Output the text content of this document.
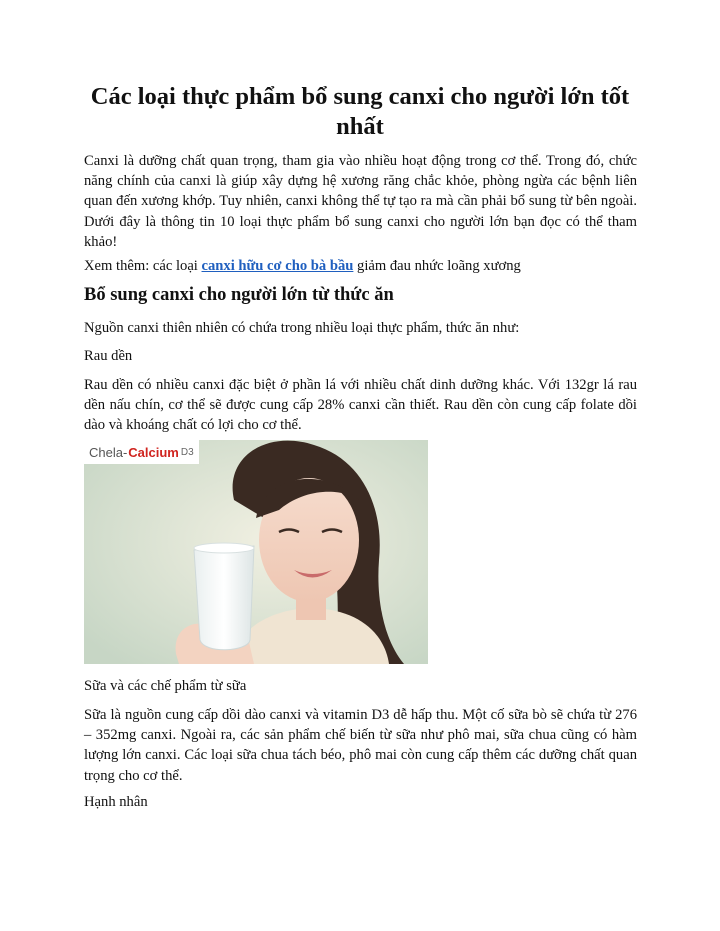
Các loại thực phẩm bổ sung canxi cho người lớn tốt nhất

Canxi là dưỡng chất quan trọng, tham gia vào nhiều hoạt động trong cơ thể. Trong đó, chức năng chính của canxi là giúp xây dựng hệ xương răng chắc khỏe, phòng ngừa các bệnh liên quan đến xương khớp. Tuy nhiên, canxi không thể tự tạo ra mà cần phải bổ sung từ bên ngoài. Dưới đây là thông tin 10 loại thực phẩm bổ sung canxi cho người lớn bạn đọc có thể tham khảo!

Xem thêm: các loại canxi hữu cơ cho bà bầu giảm đau nhức loãng xương

Bổ sung canxi cho người lớn từ thức ăn

Nguồn canxi thiên nhiên có chứa trong nhiều loại thực phẩm, thức ăn như:

Rau dền

Rau dền có nhiều canxi đặc biệt ở phần lá với nhiều chất dinh dưỡng khác. Với 132gr lá rau dền nấu chín, cơ thể sẽ được cung cấp 28% canxi cần thiết. Rau dền còn cung cấp folate dồi dào và khoáng chất có lợi cho cơ thể.

Chela- Calcium D3

Sữa và các chế phẩm từ sữa

Sữa là nguồn cung cấp dồi dào canxi và vitamin D3 dễ hấp thu. Một cố sữa bò sẽ chứa từ 276 – 352mg canxi. Ngoài ra, các sản phẩm chế biến từ sữa như phô mai, sữa chua cũng có hàm lượng lớn canxi. Các loại sữa chua tách béo, phô mai còn cung cấp thêm các dưỡng chất quan trọng cho cơ thể.

Hạnh nhân
